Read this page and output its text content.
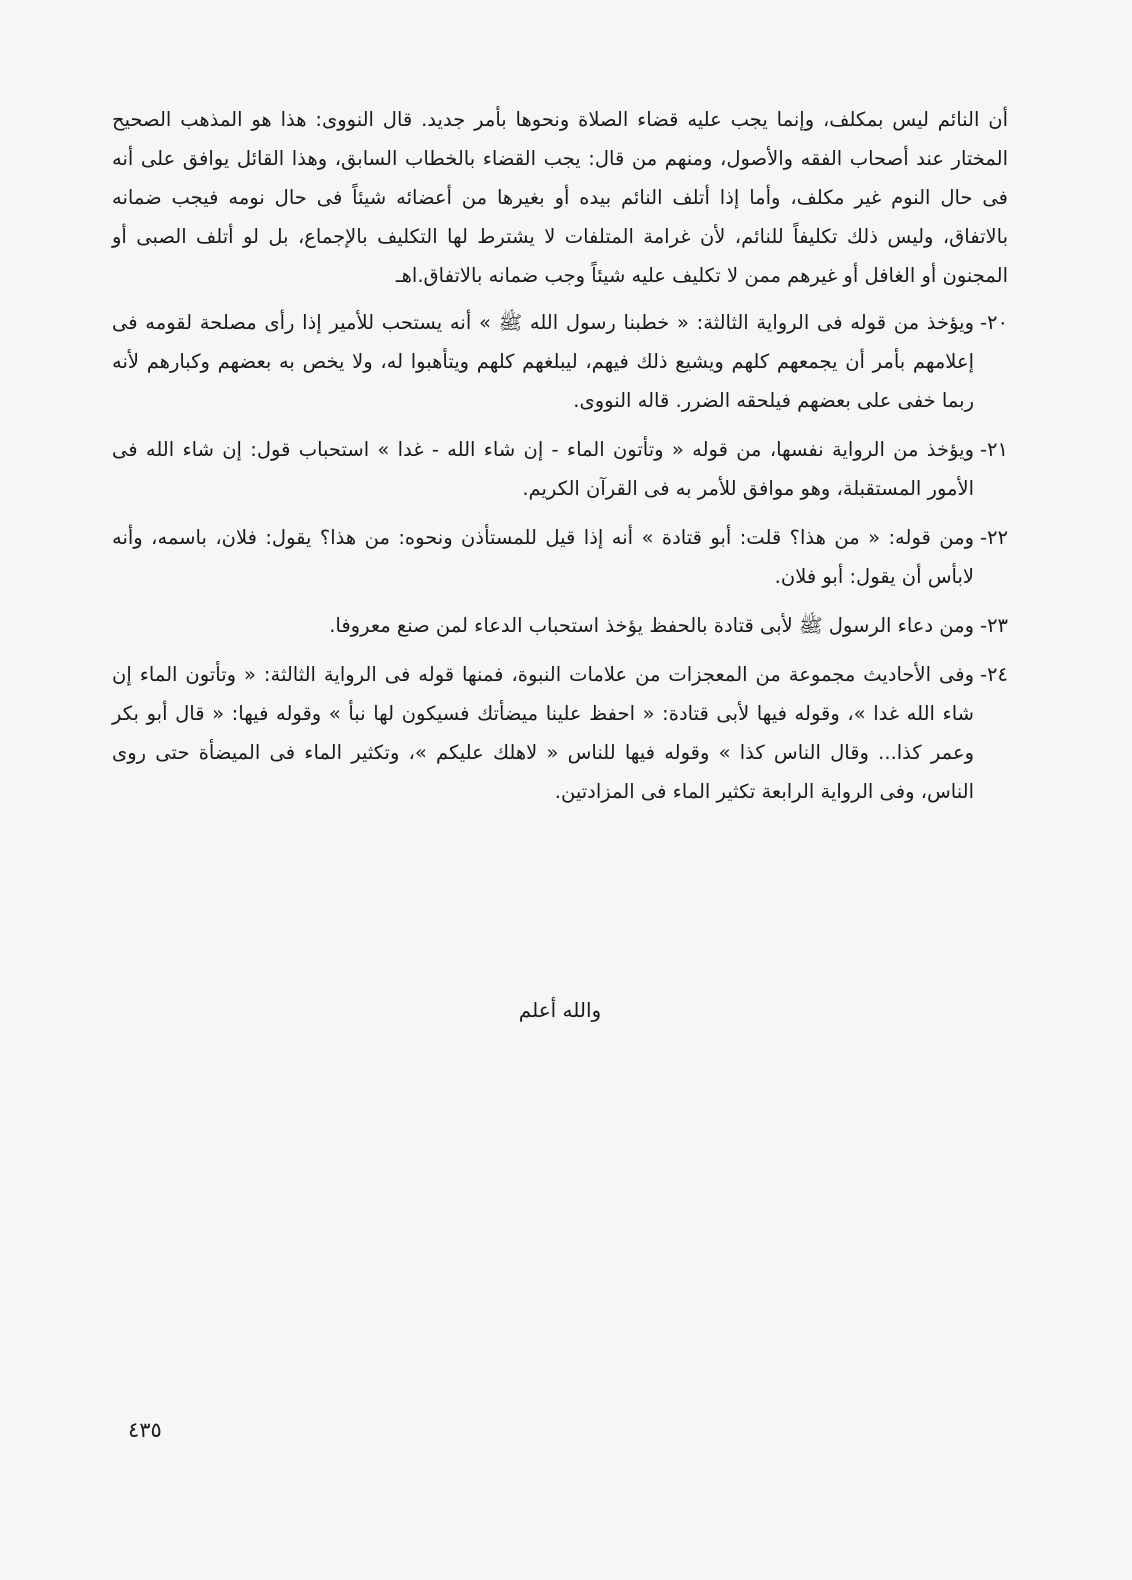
أن النائم ليس بمكلف، وإنما يجب عليه قضاء الصلاة ونحوها بأمر جديد. قال النووى: هذا هو المذهب الصحيح المختار عند أصحاب الفقه والأصول، ومنهم من قال: يجب القضاء بالخطاب السابق، وهذا القائل يوافق على أنه فى حال النوم غير مكلف، وأما إذا أتلف النائم بيده أو بغيرها من أعضائه شيئاً فى حال نومه فيجب ضمانه بالاتفاق، وليس ذلك تكليفاً للنائم، لأن غرامة المتلفات لا يشترط لها التكليف بالإجماع، بل لو أتلف الصبى أو المجنون أو الغافل أو غيرهم ممن لا تكليف عليه شيئاً وجب ضمانه بالاتفاق.اهـ

٢٠-
ويؤخذ من قوله فى الرواية الثالثة: « خطبنا رسول الله ﷺ » أنه يستحب للأمير إذا رأى مصلحة لقومه فى إعلامهم بأمر أن يجمعهم كلهم ويشيع ذلك فيهم، ليبلغهم كلهم ويتأهبوا له، ولا يخص به بعضهم وكبارهم لأنه ربما خفى على بعضهم فيلحقه الضرر. قاله النووى.
٢١-
ويؤخذ من الرواية نفسها، من قوله « وتأتون الماء - إن شاء الله - غدا » استحباب قول: إن شاء الله فى الأمور المستقبلة، وهو موافق للأمر به فى القرآن الكريم.
٢٢-
ومن قوله: « من هذا؟ قلت: أبو قتادة » أنه إذا قيل للمستأذن ونحوه: من هذا؟ يقول: فلان، باسمه، وأنه لابأس أن يقول: أبو فلان.
٢٣-
ومن دعاء الرسول ﷺ لأبى قتادة بالحفظ يؤخذ استحباب الدعاء لمن صنع معروفا.
٢٤-
وفى الأحاديث مجموعة من المعجزات من علامات النبوة، فمنها قوله فى الرواية الثالثة: « وتأتون الماء إن شاء الله غدا »، وقوله فيها لأبى قتادة: « احفظ علينا ميضأتك فسيكون لها نبأ » وقوله فيها: « قال أبو بكر وعمر كذا... وقال الناس كذا » وقوله فيها للناس « لاهلك عليكم »، وتكثير الماء فى الميضأة حتى روى الناس، وفى الرواية الرابعة تكثير الماء فى المزادتين.
والله أعلم
٤٣٥
